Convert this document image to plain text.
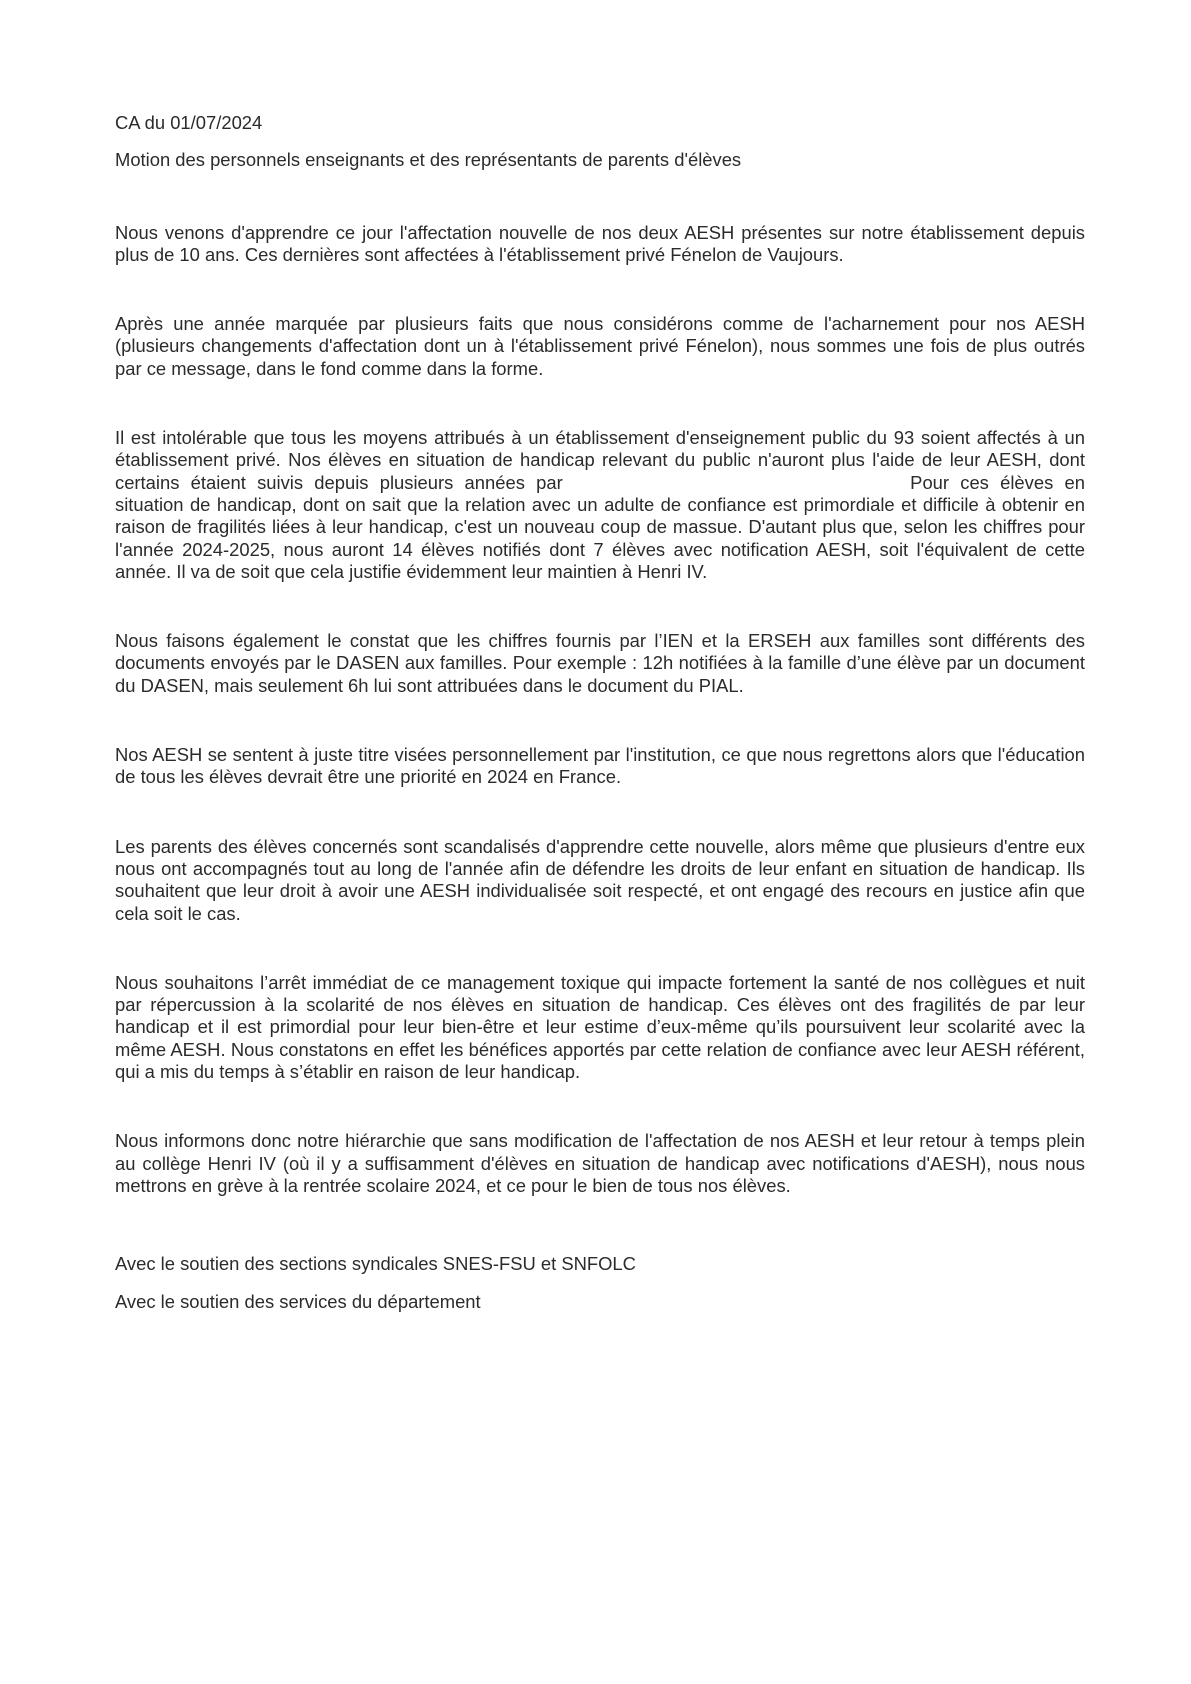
CA du 01/07/2024

Motion des personnels enseignants et des représentants de parents d'élèves

Nous venons d'apprendre ce jour l'affectation nouvelle de nos deux AESH présentes sur notre établissement depuis plus de 10 ans. Ces dernières sont affectées à l'établissement privé Fénelon de Vaujours.

Après une année marquée par plusieurs faits que nous considérons comme de l'acharnement pour nos AESH (plusieurs changements d'affectation dont un à l'établissement privé Fénelon), nous sommes une fois de plus outrés par ce message, dans le fond comme dans la forme.

Il est intolérable que tous les moyens attribués à un établissement d'enseignement public du 93 soient affectés à un établissement privé. Nos élèves en situation de handicap relevant du public n'auront plus l'aide de leur AESH, dont certains étaient suivis depuis plusieurs années par	Pour ces élèves en situation de handicap, dont on sait que la relation avec un adulte de confiance est primordiale et difficile à obtenir en raison de fragilités liées à leur handicap, c'est un nouveau coup de massue. D'autant plus que, selon les chiffres pour l'année 2024-2025, nous auront 14 élèves notifiés dont 7 élèves avec notification AESH, soit l'équivalent de cette année. Il va de soit que cela justifie évidemment leur maintien à Henri IV.

Nous faisons également le constat que les chiffres fournis par l’IEN et la ERSEH aux familles sont différents des documents envoyés par le DASEN aux familles. Pour exemple : 12h notifiées à la famille d’une élève par un document du DASEN, mais seulement 6h lui sont attribuées dans le document du PIAL.

Nos AESH se sentent à juste titre visées personnellement par l'institution, ce que nous regrettons alors que l'éducation de tous les élèves devrait être une priorité en 2024 en France.

Les parents des élèves concernés sont scandalisés d'apprendre cette nouvelle, alors même que plusieurs d'entre eux nous ont accompagnés tout au long de l'année afin de défendre les droits de leur enfant en situation de handicap. Ils souhaitent que leur droit à avoir une AESH individualisée soit respecté, et ont engagé des recours en justice afin que cela soit le cas.

Nous souhaitons l’arrêt immédiat de ce management toxique qui impacte fortement la santé de nos collègues et nuit par répercussion à la scolarité de nos élèves en situation de handicap. Ces élèves ont des fragilités de par leur handicap et il est primordial pour leur bien-être et leur estime d’eux-même qu’ils poursuivent leur scolarité avec la même AESH. Nous constatons en effet les bénéfices apportés par cette relation de confiance avec leur AESH référent, qui a mis du temps à s’établir en raison de leur handicap.

Nous informons donc notre hiérarchie que sans modification de l'affectation de nos AESH et leur retour à temps plein au collège Henri IV (où il y a suffisamment d'élèves en situation de handicap avec notifications d'AESH), nous nous mettrons en grève à la rentrée scolaire 2024, et ce pour le bien de tous nos élèves.

Avec le soutien des sections syndicales SNES-FSU et SNFOLC

Avec le soutien des services du département
